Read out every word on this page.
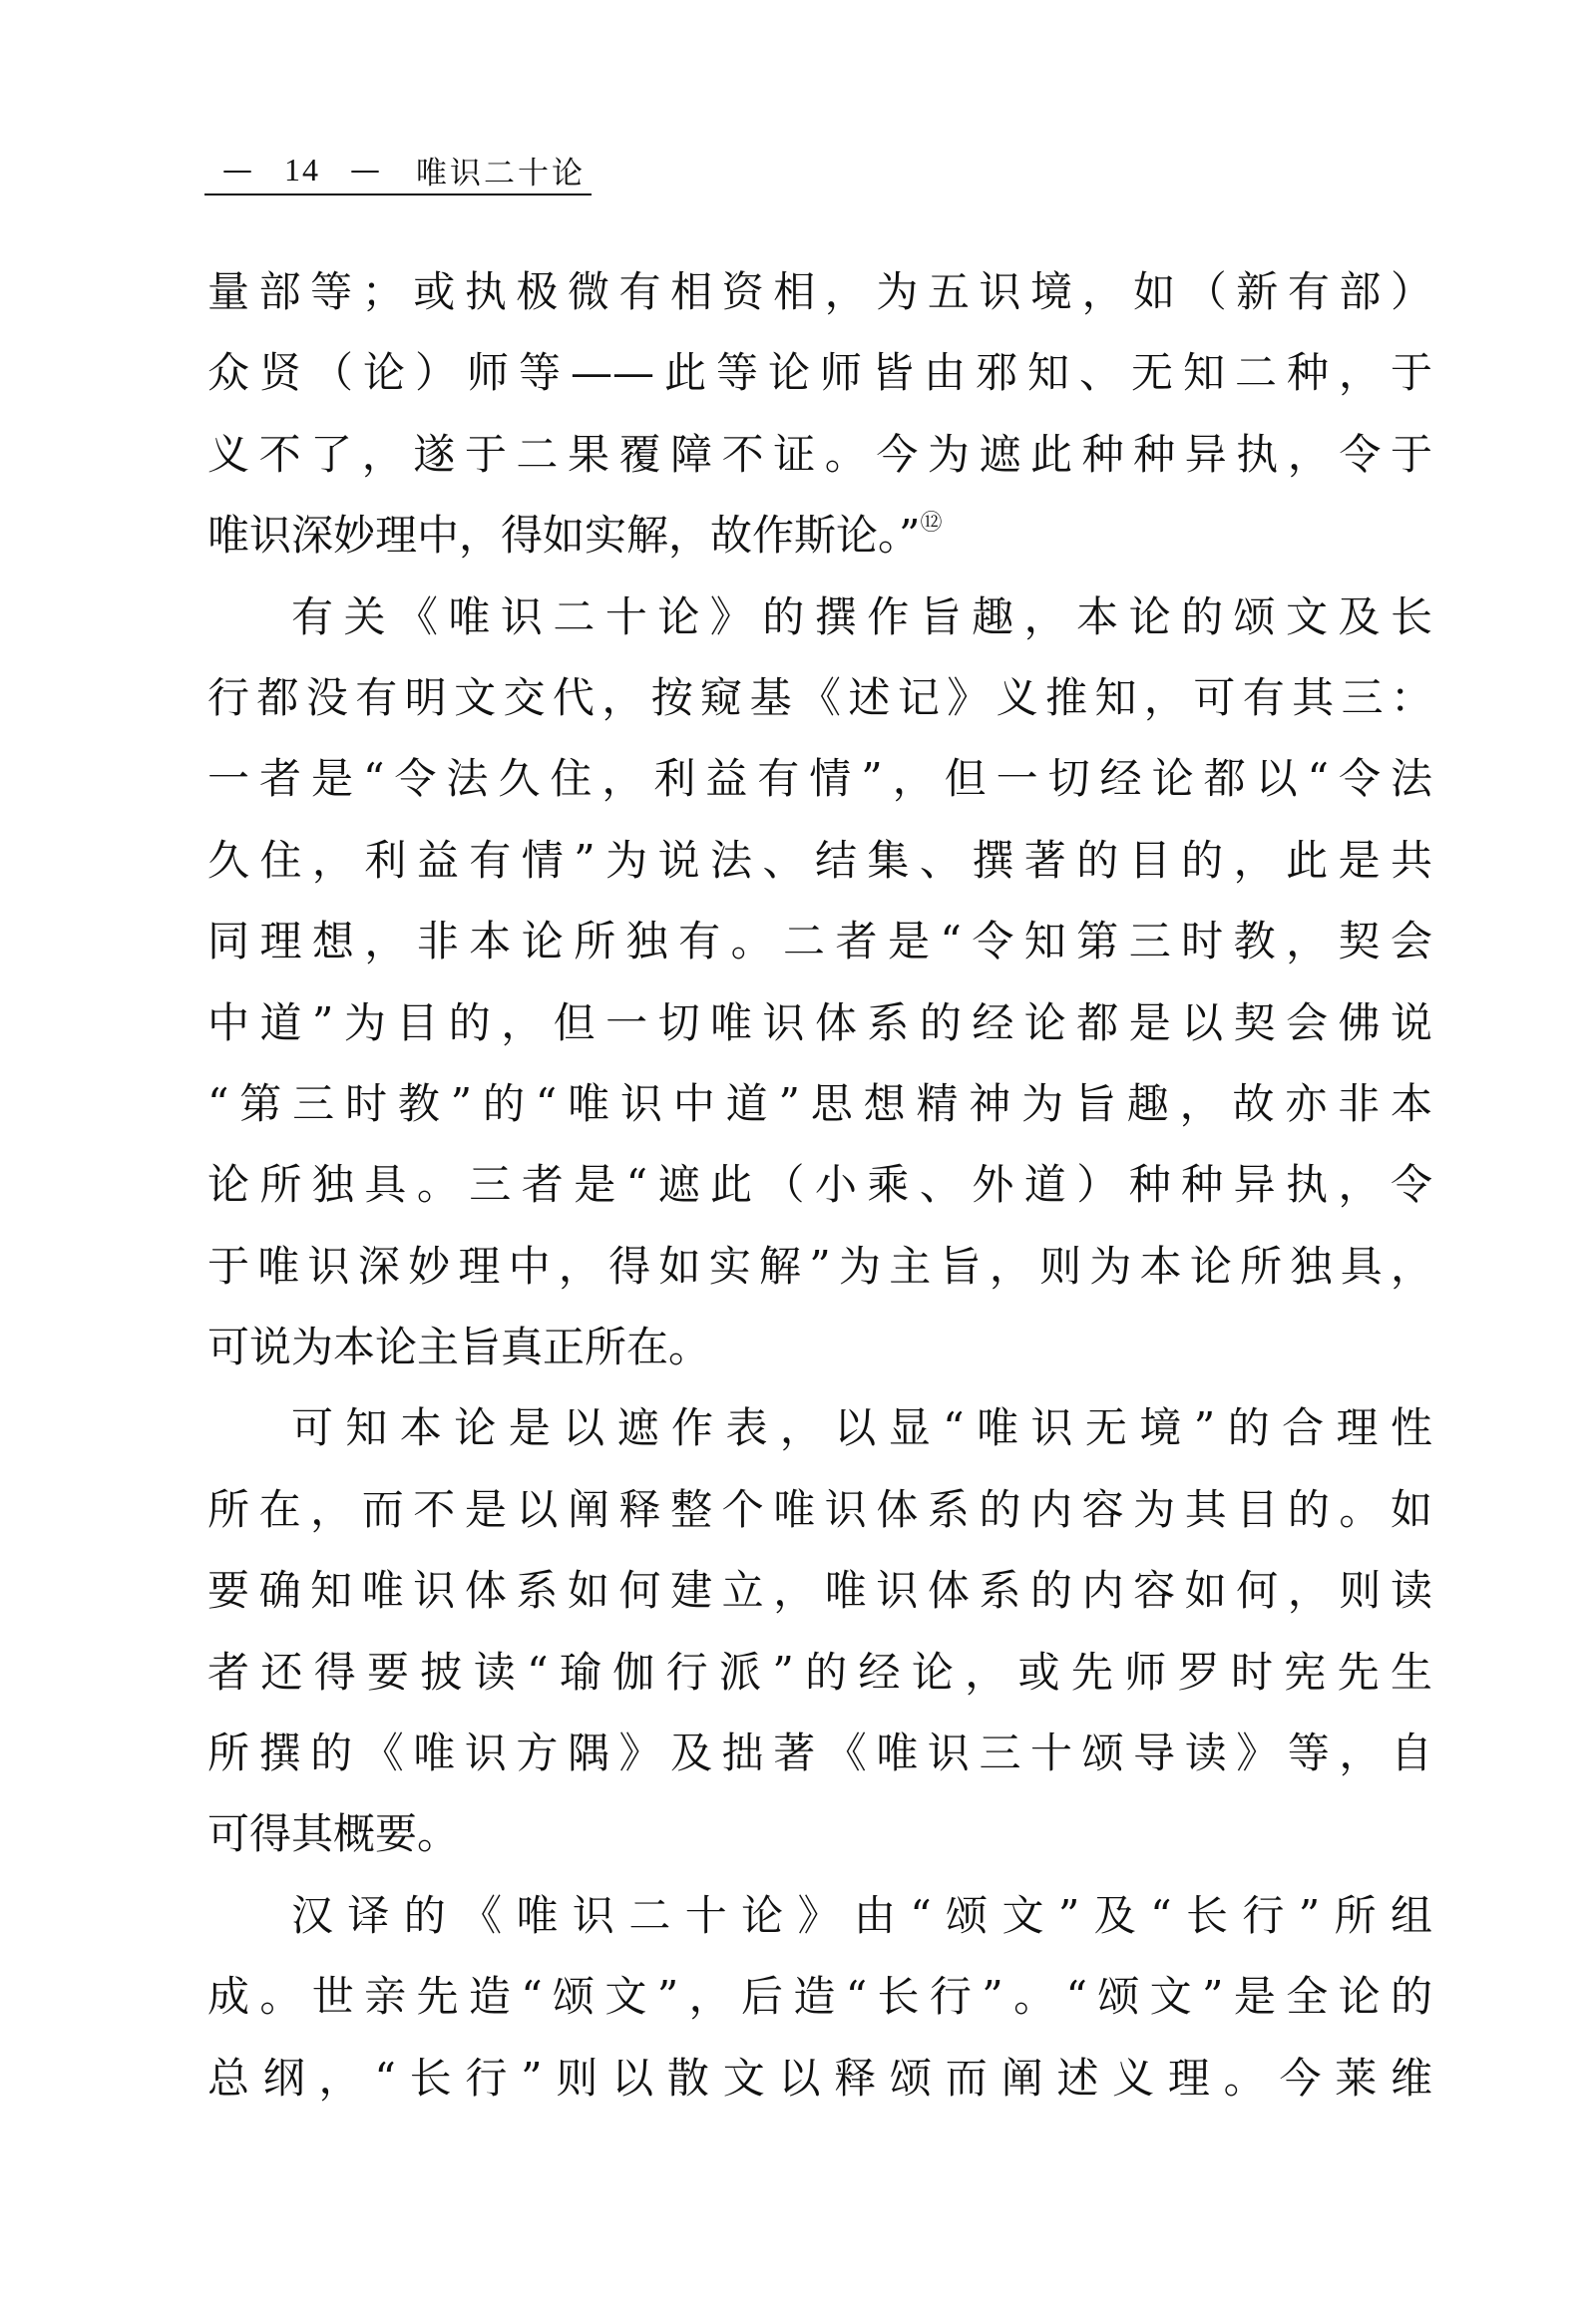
— 14 — 唯识二十论
量部等；或执极微有相资相，为五识境，如（新有部）
众贤（论）师等——此等论师皆由邪知、无知二种，于
义不了，遂于二果覆障不证。今为遮此种种异执，令于
唯识深妙理中，得如实解，故作斯论。”⑫
有关《唯识二十论》的撰作旨趣，本论的颂文及长
行都没有明文交代，按窥基《述记》义推知，可有其三：
一者是“令法久住，利益有情”，但一切经论都以“令法
久住，利益有情”为说法、结集、撰著的目的，此是共
同理想，非本论所独有。二者是“令知第三时教，契会
中道”为目的，但一切唯识体系的经论都是以契会佛说
“第三时教”的“唯识中道”思想精神为旨趣，故亦非本
论所独具。三者是“遮此（小乘、外道）种种异执，令
于唯识深妙理中，得如实解”为主旨，则为本论所独具，
可说为本论主旨真正所在。
可知本论是以遮作表，以显“唯识无境”的合理性
所在，而不是以阐释整个唯识体系的内容为其目的。如
要确知唯识体系如何建立，唯识体系的内容如何，则读
者还得要披读“瑜伽行派”的经论，或先师罗时宪先生
所撰的《唯识方隅》及拙著《唯识三十颂导读》等，自
可得其概要。
汉译的《唯识二十论》由“颂文”及“长行”所组
成。世亲先造“颂文”，后造“长行”。“颂文”是全论的
总纲，“长行”则以散文以释颂而阐述义理。今莱维
